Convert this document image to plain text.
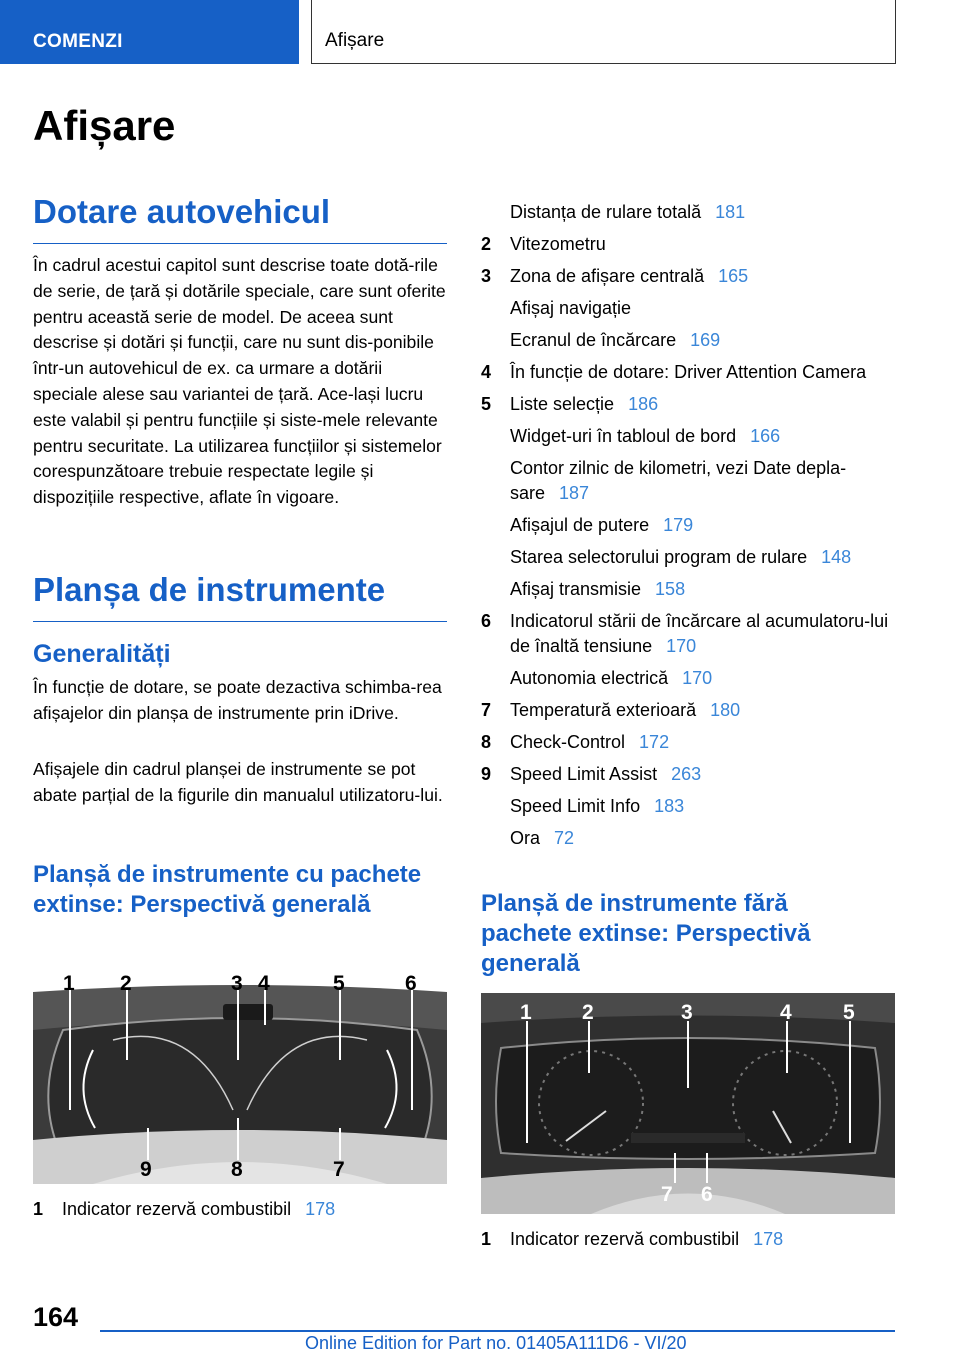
COMENZI	Afișare
Afișare
Dotare autovehicul
În cadrul acestui capitol sunt descrise toate dotă-rile de serie, de țară și dotările speciale, care sunt oferite pentru această serie de model. De aceea sunt descrise și dotări și funcții, care nu sunt dis-ponibile într-un autovehicul de ex. ca urmare a dotării speciale alese sau variantei de țară. Ace-lași lucru este valabil și pentru funcțiile și siste-mele relevante pentru securitate. La utilizarea funcțiilor și sistemelor corespunzătoare trebuie respectate legile și dispozițiile respective, aflate în vigoare.
Planșa de instrumente
Generalități
În funcție de dotare, se poate dezactiva schimba-rea afișajelor din planșa de instrumente prin iDrive.
Afișajele din cadrul planșei de instrumente se pot abate parțial de la figurile din manualul utilizatoru-lui.
Planșă de instrumente cu pachete extinse: Perspectivă generală
1 2	3 4	5	6
9	8	7
1	Indicator rezervă combustibil 178
Distanța de rulare totală 181
2	Vitezometru
3	Zona de afișare centrală 165
Afișaj navigație
Ecranul de încărcare 169
4	În funcție de dotare: Driver Attention Camera
5	Liste selecție 186
Widget-uri în tabloul de bord 166
Contor zilnic de kilometri, vezi Date depla-sare 187
Afișajul de putere 179
Starea selectorului program de rulare 148
Afișaj transmisie 158
6	Indicatorul stării de încărcare al acumulatoru-lui de înaltă tensiune 170
Autonomia electrică 170
7	Temperatură exterioară 180
8	Check-Control 172
9	Speed Limit Assist 263
Speed Limit Info 183
Ora 72
Planșă de instrumente fără pachete extinse: Perspectivă generală
1 2	3	4 5
7 6
1	Indicator rezervă combustibil 178
164
Online Edition for Part no. 01405A111D6 - VI/20
